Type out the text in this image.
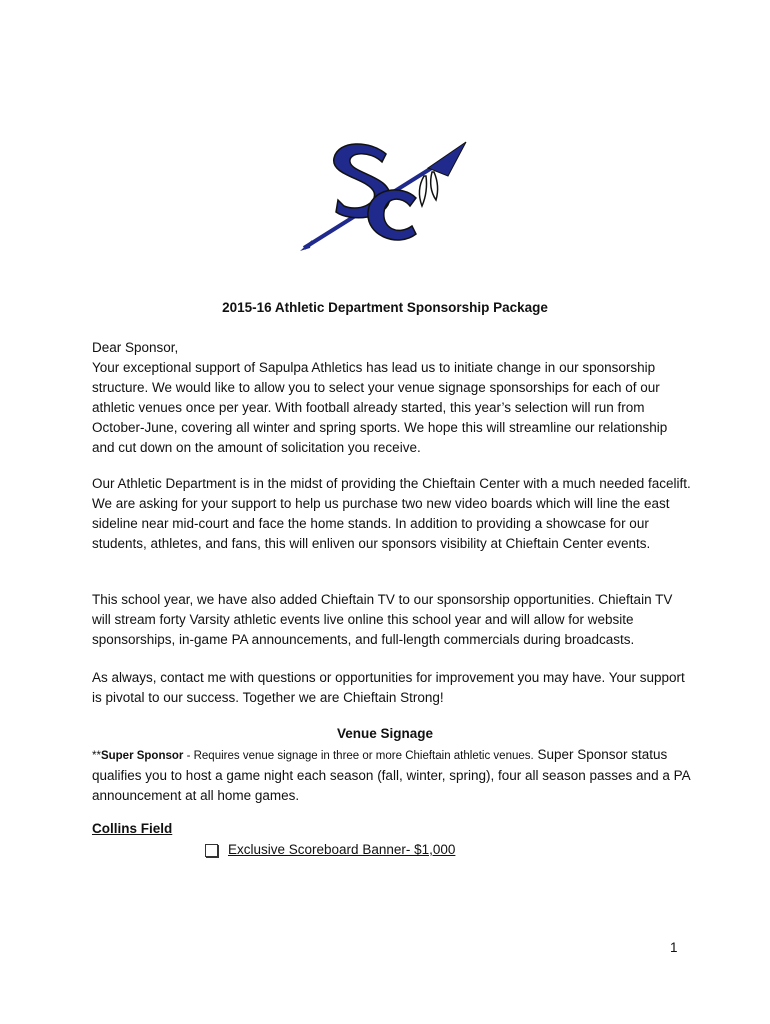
2015-16 Athletic Department Sponsorship Package

Dear Sponsor,

Your exceptional support of Sapulpa Athletics has lead us to initiate change in our sponsorship structure. We would like to allow you to select your venue signage sponsorships for each of our athletic venues once per year. With football already started, this year’s selection will run from October-June, covering all winter and spring sports. We hope this will streamline our relationship and cut down on the amount of solicitation you receive.

Our Athletic Department is in the midst of providing the Chieftain Center with a much needed facelift. We are asking for your support to help us purchase two new video boards which will line the east sideline near mid-court and face the home stands. In addition to providing a showcase for our students, athletes, and fans, this will enliven our sponsors visibility at Chieftain Center events.

This school year, we have also added Chieftain TV to our sponsorship opportunities. Chieftain TV will stream forty Varsity athletic events live online this school year and will allow for website sponsorships, in-game PA announcements, and full-length commercials during broadcasts.

As always, contact me with questions or opportunities for improvement you may have. Your support is pivotal to our success. Together we are Chieftain Strong!

Venue Signage

**Super Sponsor - Requires venue signage in three or more Chieftain athletic venues. Super Sponsor status qualifies you to host a game night each season (fall, winter, spring), four all season passes and a PA announcement at all home games.

Collins Field
Exclusive Scoreboard Banner- $1,000
1
